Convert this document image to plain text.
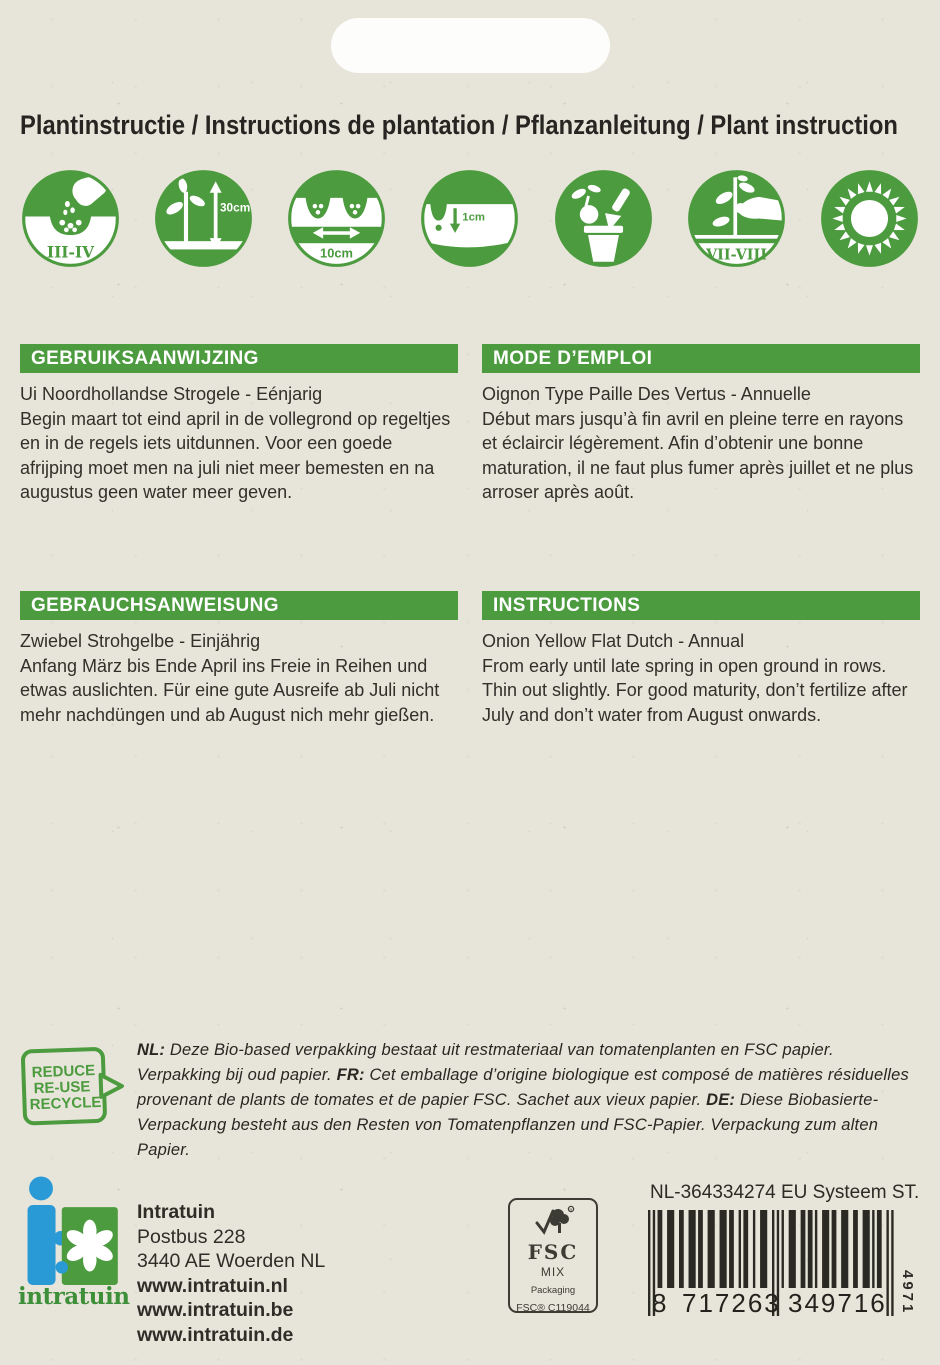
Plantinstructie / Instructions de plantation / Pflanzanleitung / Plant instruction
III-IV
30cm
10cm
1cm
VII-VIII
GEBRUIKSAANWIJZING
Ui Noordhollandse Strogele - Eénjarig
Begin maart tot eind april in de vollegrond op regeltjes en in de regels iets uitdunnen. Voor een goede afrijping moet men na juli niet meer bemesten en na augustus geen water meer geven.
MODE D’EMPLOI
Oignon Type Paille Des Vertus - Annuelle
Début mars jusqu’à fin avril en pleine terre en rayons et éclaircir légèrement. Afin d’obtenir une bonne maturation, il ne faut plus fumer après juillet et ne plus arroser après août.
GEBRAUCHSANWEISUNG
Zwiebel Strohgelbe - Einjährig
Anfang März bis Ende April ins Freie in Reihen und etwas auslichten. Für eine gute Ausreife ab Juli nicht mehr nachdüngen und ab August nich mehr gießen.
INSTRUCTIONS
Onion Yellow Flat Dutch - Annual
From early until late spring in open ground in rows. Thin out slightly. For good maturity, don’t fertilize after July and don’t water from August onwards.
REDUCE
RE-USE
RECYCLE
NL: Deze Bio-based verpakking bestaat uit restmateriaal van tomatenplanten en FSC papier. Verpakking bij oud papier. FR: Cet emballage d’origine biologique est composé de matières résiduelles provenant de plants de tomates et de papier FSC. Sachet aux vieux papier. DE: Diese Biobasierte-Verpackung besteht aus den Resten von Tomatenpflanzen und FSC-Papier. Verpackung zum alten Papier.
intratuin
Intratuin
Postbus 228
3440 AE Woerden NL
www.intratuin.nl
www.intratuin.be
www.intratuin.de
R
FSC
MIX
Packaging
FSC® C119044
NL-364334274 EU Systeem ST.
8 717263 349716 4971
